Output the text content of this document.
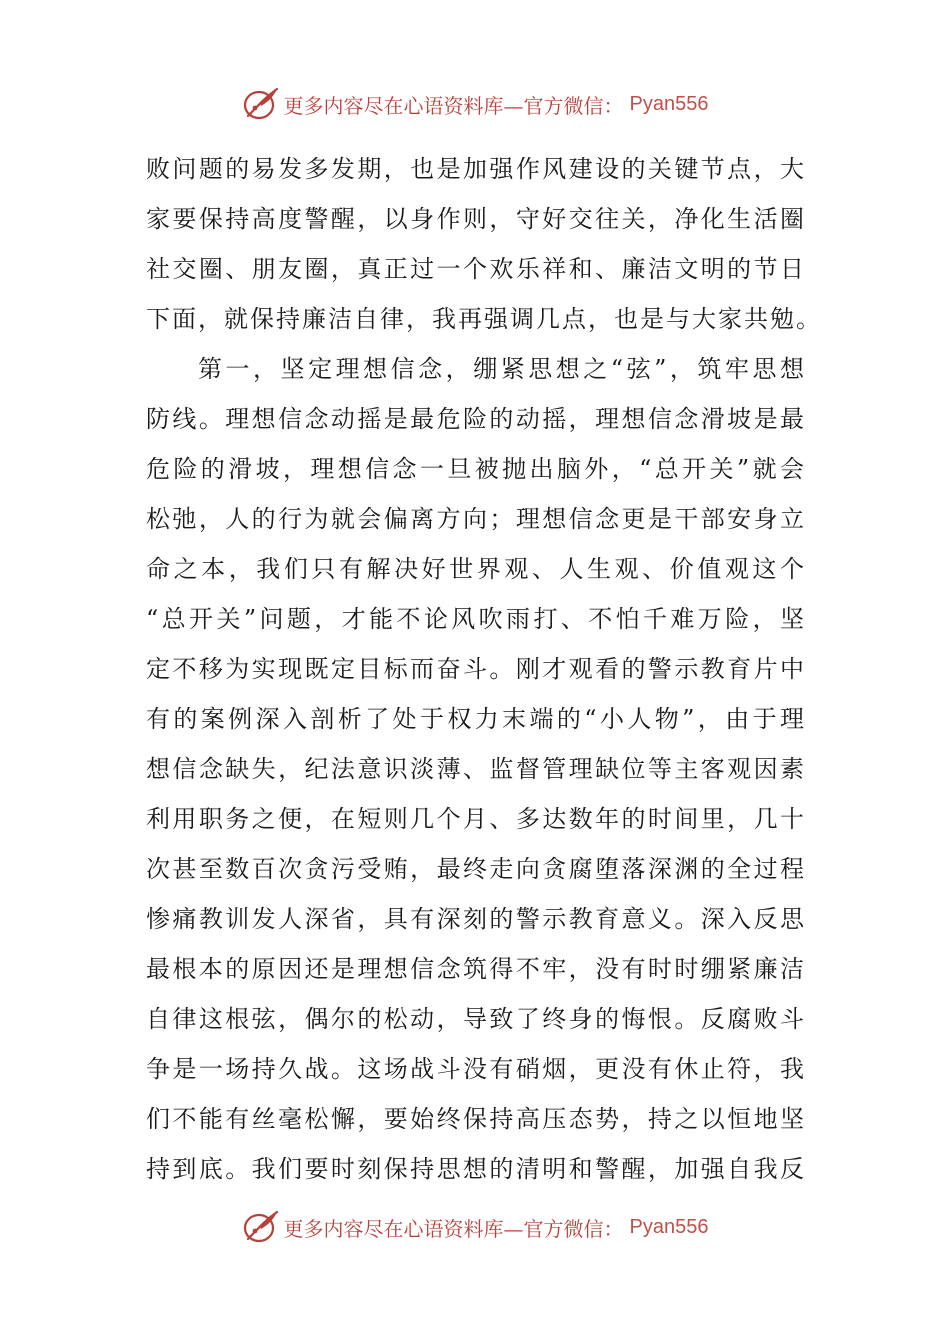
更多内容尽在心语资料库—官方微信： Pyan556
败问题的易发多发期，也是加强作风建设的关键节点，大
家要保持高度警醒，以身作则，守好交往关，净化生活圈
社交圈、朋友圈，真正过一个欢乐祥和、廉洁文明的节日
下面，就保持廉洁自律，我再强调几点，也是与大家共勉。
第一，坚定理想信念，绷紧思想之“弦”，筑牢思想
防线。理想信念动摇是最危险的动摇，理想信念滑坡是最
危险的滑坡，理想信念一旦被抛出脑外，“总开关”就会
松弛，人的行为就会偏离方向；理想信念更是干部安身立
命之本，我们只有解决好世界观、人生观、价值观这个
“总开关”问题，才能不论风吹雨打、不怕千难万险，坚
定不移为实现既定目标而奋斗。刚才观看的警示教育片中
有的案例深入剖析了处于权力末端的“小人物”，由于理
想信念缺失，纪法意识淡薄、监督管理缺位等主客观因素
利用职务之便，在短则几个月、多达数年的时间里，几十
次甚至数百次贪污受贿，最终走向贪腐堕落深渊的全过程
惨痛教训发人深省，具有深刻的警示教育意义。深入反思
最根本的原因还是理想信念筑得不牢，没有时时绷紧廉洁
自律这根弦，偶尔的松动，导致了终身的悔恨。反腐败斗
争是一场持久战。这场战斗没有硝烟，更没有休止符，我
们不能有丝毫松懈，要始终保持高压态势，持之以恒地坚
持到底。我们要时刻保持思想的清明和警醒，加强自我反
更多内容尽在心语资料库—官方微信： Pyan556
